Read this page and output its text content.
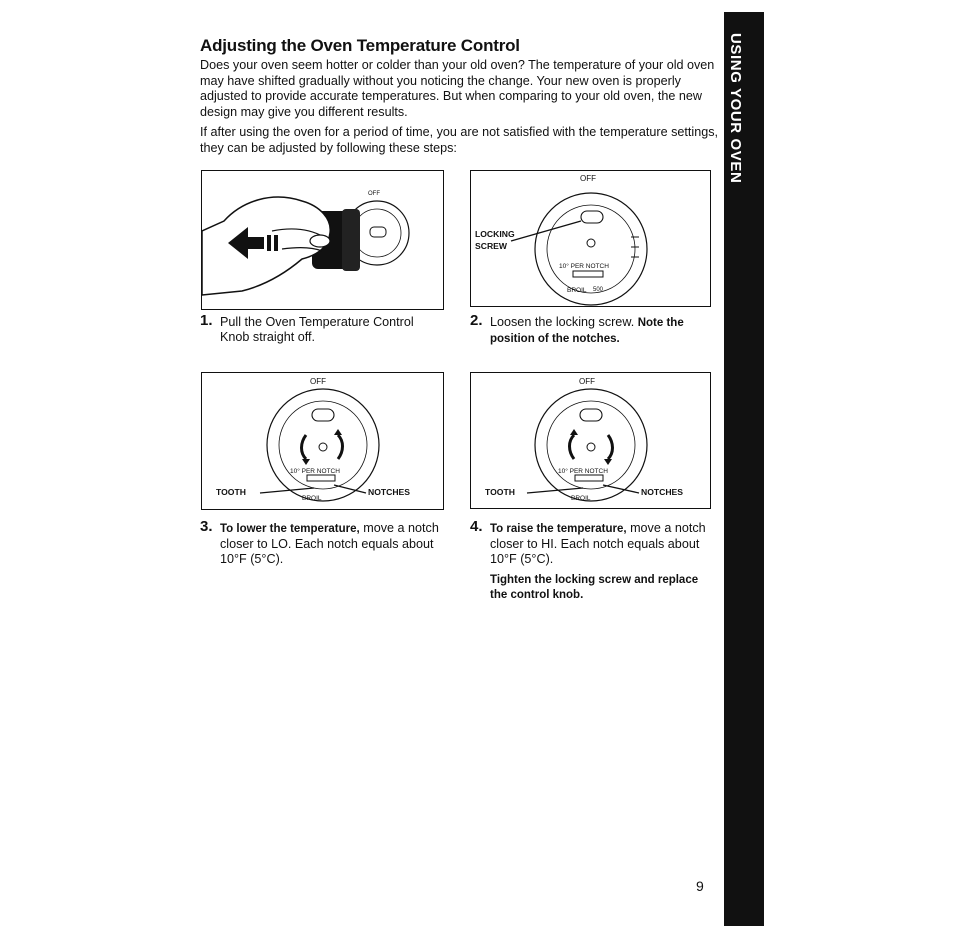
Adjusting the Oven Temperature Control
Does your oven seem hotter or colder than your old oven? The temperature of your old oven may have shifted gradually without you noticing the change. Your new oven is properly adjusted to provide accurate temperatures. But when comparing to your old oven, the new design may give you different results.
If after using the oven for a period of time, you are not satisfied with the temperature settings, they can be adjusted by following these steps:	USING YOUR OVEN
OFF
OFF
LOCKING
SCREW
10° PER NOTCH
BROIL 500
OFF
10° PER NOTCH
TOOTH	NOTCHES
BROIL
OFF
10° PER NOTCH
TOOTH	NOTCHES
BROIL
1. Pull the Oven Temperature Control Knob straight off.
2. Loosen the locking screw. Note the position of the notches.
3. To lower the temperature, move a notch closer to LO. Each notch equals about 10°F (5°C).
4. To raise the temperature, move a notch closer to HI. Each notch equals about 10°F (5°C).
Tighten the locking screw and replace the control knob.
9
